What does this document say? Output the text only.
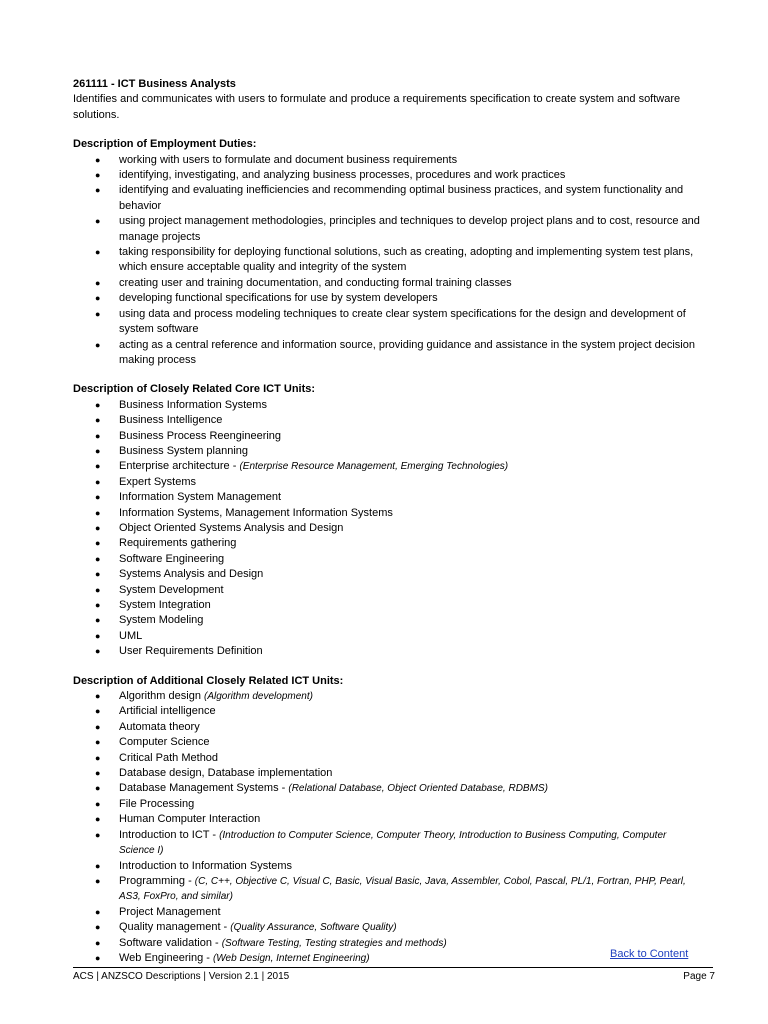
261111 - ICT Business Analysts

Identifies and communicates with users to formulate and produce a requirements specification to create system and software solutions.

Description of Employment Duties:
● working with users to formulate and document business requirements
● identifying, investigating, and analyzing business processes, procedures and work practices
● identifying and evaluating inefficiencies and recommending optimal business practices, and system functionality and behavior
● using project management methodologies, principles and techniques to develop project plans and to cost, resource and manage projects
● taking responsibility for deploying functional solutions, such as creating, adopting and implementing system test plans, which ensure acceptable quality and integrity of the system
● creating user and training documentation, and conducting formal training classes
● developing functional specifications for use by system developers
● using data and process modeling techniques to create clear system specifications for the design and development of system software
● acting as a central reference and information source, providing guidance and assistance in the system project decision making process
Description of Closely Related Core ICT Units:
● Business Information Systems
● Business Intelligence
● Business Process Reengineering
● Business System planning
● Enterprise architecture - (Enterprise Resource Management, Emerging Technologies)
● Expert Systems
● Information System Management
● Information Systems, Management Information Systems
● Object Oriented Systems Analysis and Design
● Requirements gathering
● Software Engineering
● Systems Analysis and Design
● System Development
● System Integration
● System Modeling
● UML
● User Requirements Definition
Description of Additional Closely Related ICT Units:
● Algorithm design (Algorithm development)
● Artificial intelligence
● Automata theory
● Computer Science
● Critical Path Method
● Database design, Database implementation
● Database Management Systems - (Relational Database, Object Oriented Database, RDBMS)
● File Processing
● Human Computer Interaction
● Introduction to ICT - (Introduction to Computer Science, Computer Theory, Introduction to Business Computing, Computer Science I)
● Introduction to Information Systems
● Programming - (C, C++, Objective C, Visual C, Basic, Visual Basic, Java, Assembler, Cobol, Pascal, PL/1, Fortran, PHP, Pearl, AS3, FoxPro, and similar)
● Project Management
● Quality management - (Quality Assurance, Software Quality)
● Software validation - (Software Testing, Testing strategies and methods)
● Web Engineering - (Web Design, Internet Engineering)	Back to Content
ACS | ANZSCO Descriptions | Version 2.1 | 2015	Page 7
